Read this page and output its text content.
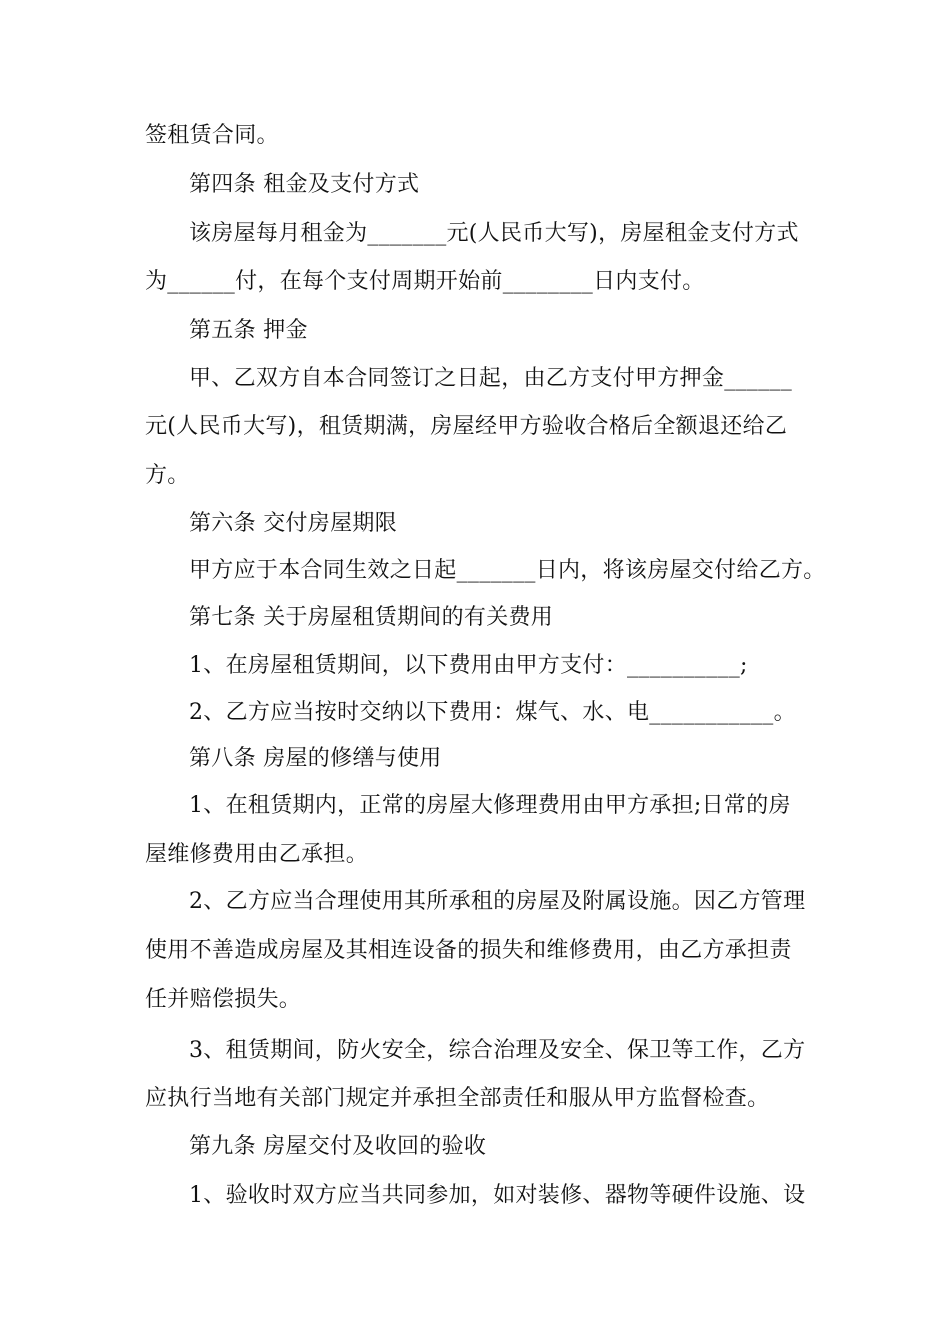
签租赁合同。
第四条 租金及支付方式
该房屋每月租金为_______元(人民币大写)，房屋租金支付方式
为______付，在每个支付周期开始前________日内支付。
第五条 押金
甲、乙双方自本合同签订之日起，由乙方支付甲方押金______
元(人民币大写)，租赁期满，房屋经甲方验收合格后全额退还给乙
方。
第六条 交付房屋期限
甲方应于本合同生效之日起_______日内，将该房屋交付给乙方。
第七条 关于房屋租赁期间的有关费用
1、在房屋租赁期间，以下费用由甲方支付：__________;
2、乙方应当按时交纳以下费用：煤气、水、电___________。
第八条 房屋的修缮与使用
1、在租赁期内，正常的房屋大修理费用由甲方承担;日常的房
屋维修费用由乙承担。
2、乙方应当合理使用其所承租的房屋及附属设施。因乙方管理
使用不善造成房屋及其相连设备的损失和维修费用，由乙方承担责
任并赔偿损失。
3、租赁期间，防火安全，综合治理及安全、保卫等工作，乙方
应执行当地有关部门规定并承担全部责任和服从甲方监督检查。
第九条 房屋交付及收回的验收
1、验收时双方应当共同参加，如对装修、器物等硬件设施、设
